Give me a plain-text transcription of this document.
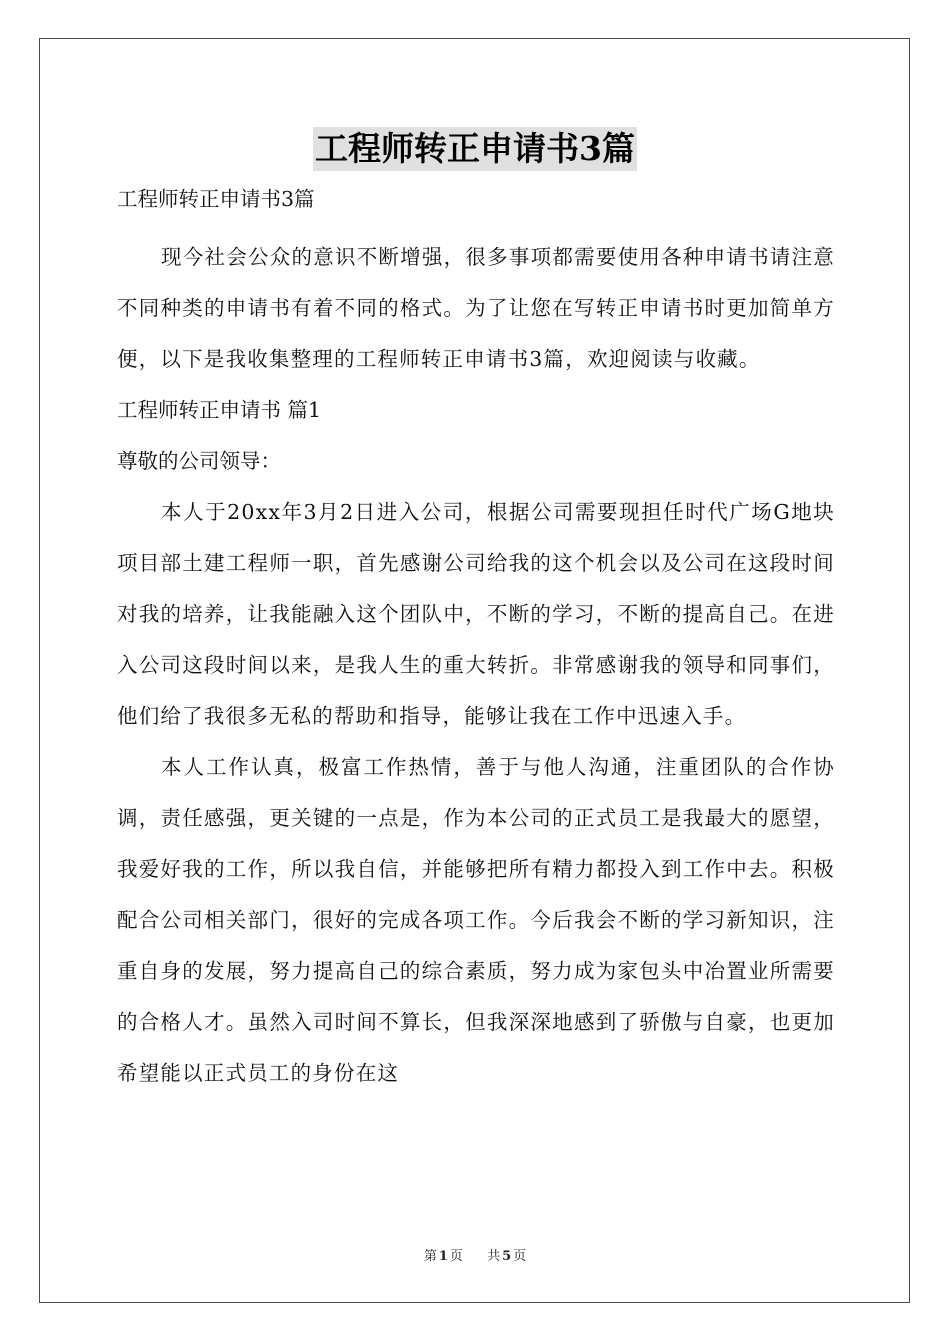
工程师转正申请书3篇

工程师转正申请书3篇

现今社会公众的意识不断增强，很多事项都需要使用各种申请书请注意不同种类的申请书有着不同的格式。为了让您在写转正申请书时更加简单方便，以下是我收集整理的工程师转正申请书3篇，欢迎阅读与收藏。

工程师转正申请书 篇1

尊敬的公司领导：

本人于20xx年3月2日进入公司，根据公司需要现担任时代广场G地块项目部土建工程师一职，首先感谢公司给我的这个机会以及公司在这段时间对我的培养，让我能融入这个团队中，不断的学习，不断的提高自己。在进入公司这段时间以来，是我人生的重大转折。非常感谢我的领导和同事们，他们给了我很多无私的帮助和指导，能够让我在工作中迅速入手。

本人工作认真，极富工作热情，善于与他人沟通，注重团队的合作协调，责任感强，更关键的一点是，作为本公司的正式员工是我最大的愿望，我爱好我的工作，所以我自信，并能够把所有精力都投入到工作中去。积极配合公司相关部门，很好的完成各项工作。今后我会不断的学习新知识，注重自身的发展，努力提高自己的综合素质，努力成为家包头中冶置业所需要的合格人才。虽然入司时间不算长，但我深深地感到了骄傲与自豪，也更加希望能以正式员工的身份在这

第 1 页 共 5 页
